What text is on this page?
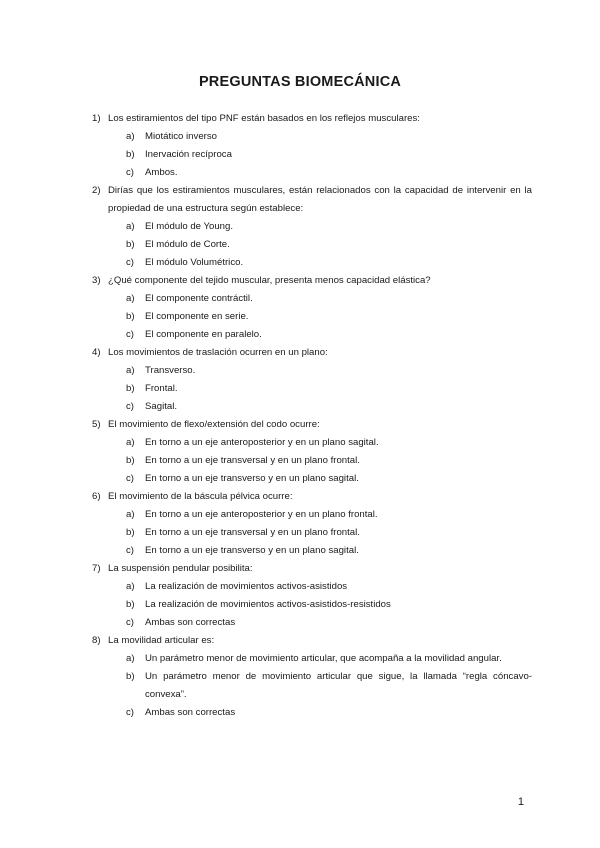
PREGUNTAS BIOMECÁNICA
1) Los estiramientos del tipo PNF están basados en los reflejos musculares:
a) Miotático inverso
b) Inervación recíproca
c) Ambos.
2) Dirías que los estiramientos musculares, están relacionados con la capacidad de intervenir en la propiedad de una estructura según establece:
a) El módulo de Young.
b) El módulo de Corte.
c) El módulo Volumétrico.
3) ¿Qué componente del tejido muscular, presenta menos capacidad elástica?
a) El componente contráctil.
b) El componente en serie.
c) El componente en paralelo.
4) Los movimientos de traslación ocurren en un plano:
a) Transverso.
b) Frontal.
c) Sagital.
5) El movimiento de flexo/extensión del codo ocurre:
a) En torno a un eje anteroposterior y en un plano sagital.
b) En torno a un eje transversal y en un plano frontal.
c) En torno a un eje transverso y en un plano sagital.
6) El movimiento de la báscula pélvica ocurre:
a) En torno a un eje anteroposterior y en un plano frontal.
b) En torno a un eje transversal y en un plano frontal.
c) En torno a un eje transverso y en un plano sagital.
7) La suspensión pendular posibilita:
a) La realización de movimientos activos-asistidos
b) La realización de movimientos activos-asistidos-resistidos
c) Ambas son correctas
8) La movilidad articular es:
a) Un parámetro menor de movimiento articular, que acompaña a la movilidad angular.
b) Un parámetro menor de movimiento articular que sigue, la llamada “regla cóncavo-convexa”.
c) Ambas son correctas
1
